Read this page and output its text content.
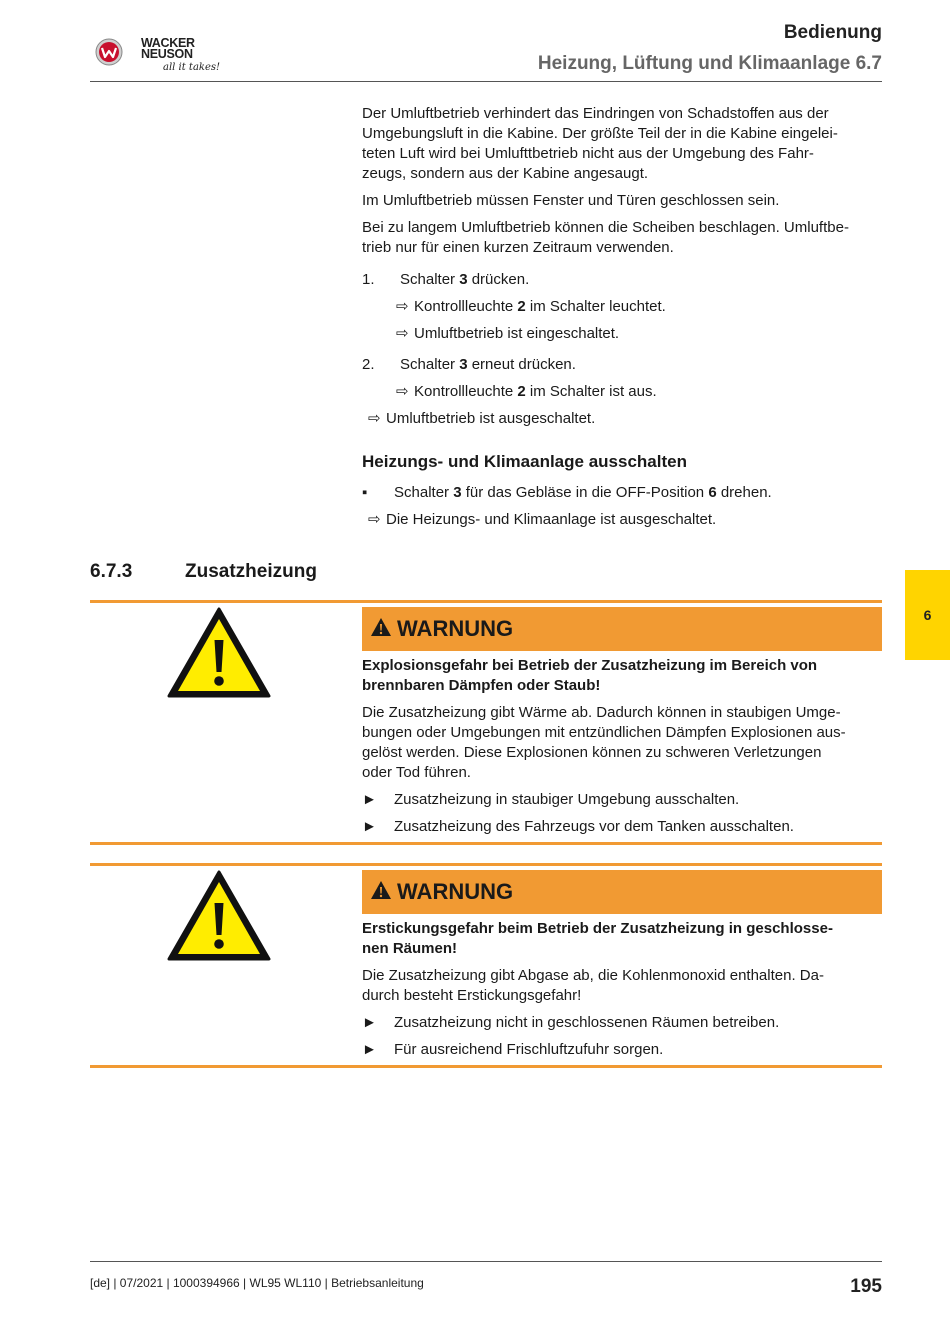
WACKER
NEUSON
all it takes!
Bedienung
Heizung, Lüftung und Klimaanlage 6.7

Der Umluftbetrieb verhindert das Eindringen von Schadstoffen aus der

Umgebungsluft in die Kabine. Der größte Teil der in die Kabine eingelei-

teten Luft wird bei Umlufttbetrieb nicht aus der Umgebung des Fahr-

zeugs, sondern aus der Kabine angesaugt.

Im Umluftbetrieb müssen Fenster und Türen geschlossen sein.

Bei zu langem Umluftbetrieb können die Scheiben beschlagen. Umluftbe-

trieb nur für einen kurzen Zeitraum verwenden.

1. Schalter 3 drücken.
⇨ Kontrollleuchte 2 im Schalter leuchtet.
⇨ Umluftbetrieb ist eingeschaltet.
2. Schalter 3 erneut drücken.
⇨ Kontrollleuchte 2 im Schalter ist aus.
⇨ Umluftbetrieb ist ausgeschaltet.
Heizungs- und Klimaanlage ausschalten
▪ Schalter 3 für das Gebläse in die OFF-Position 6 drehen.
⇨ Die Heizungs- und Klimaanlage ist ausgeschaltet.
6.7.3	Zusatzheizung
6
WARNUNG

Explosionsgefahr bei Betrieb der Zusatzheizung im Bereich von

brennbaren Dämpfen oder Staub!

Die Zusatzheizung gibt Wärme ab. Dadurch können in staubigen Umge-

bungen oder Umgebungen mit entzündlichen Dämpfen Explosionen aus-

gelöst werden. Diese Explosionen können zu schweren Verletzungen

oder Tod führen.

► Zusatzheizung in staubiger Umgebung ausschalten.
► Zusatzheizung des Fahrzeugs vor dem Tanken ausschalten.
WARNUNG

Erstickungsgefahr beim Betrieb der Zusatzheizung in geschlosse-

nen Räumen!

Die Zusatzheizung gibt Abgase ab, die Kohlenmonoxid enthalten. Da-

durch besteht Erstickungsgefahr!

► Zusatzheizung nicht in geschlossenen Räumen betreiben.
► Für ausreichend Frischluftzufuhr sorgen.
[de] | 07/2021 | 1000394966 | WL95 WL110 | Betriebsanleitung	195
